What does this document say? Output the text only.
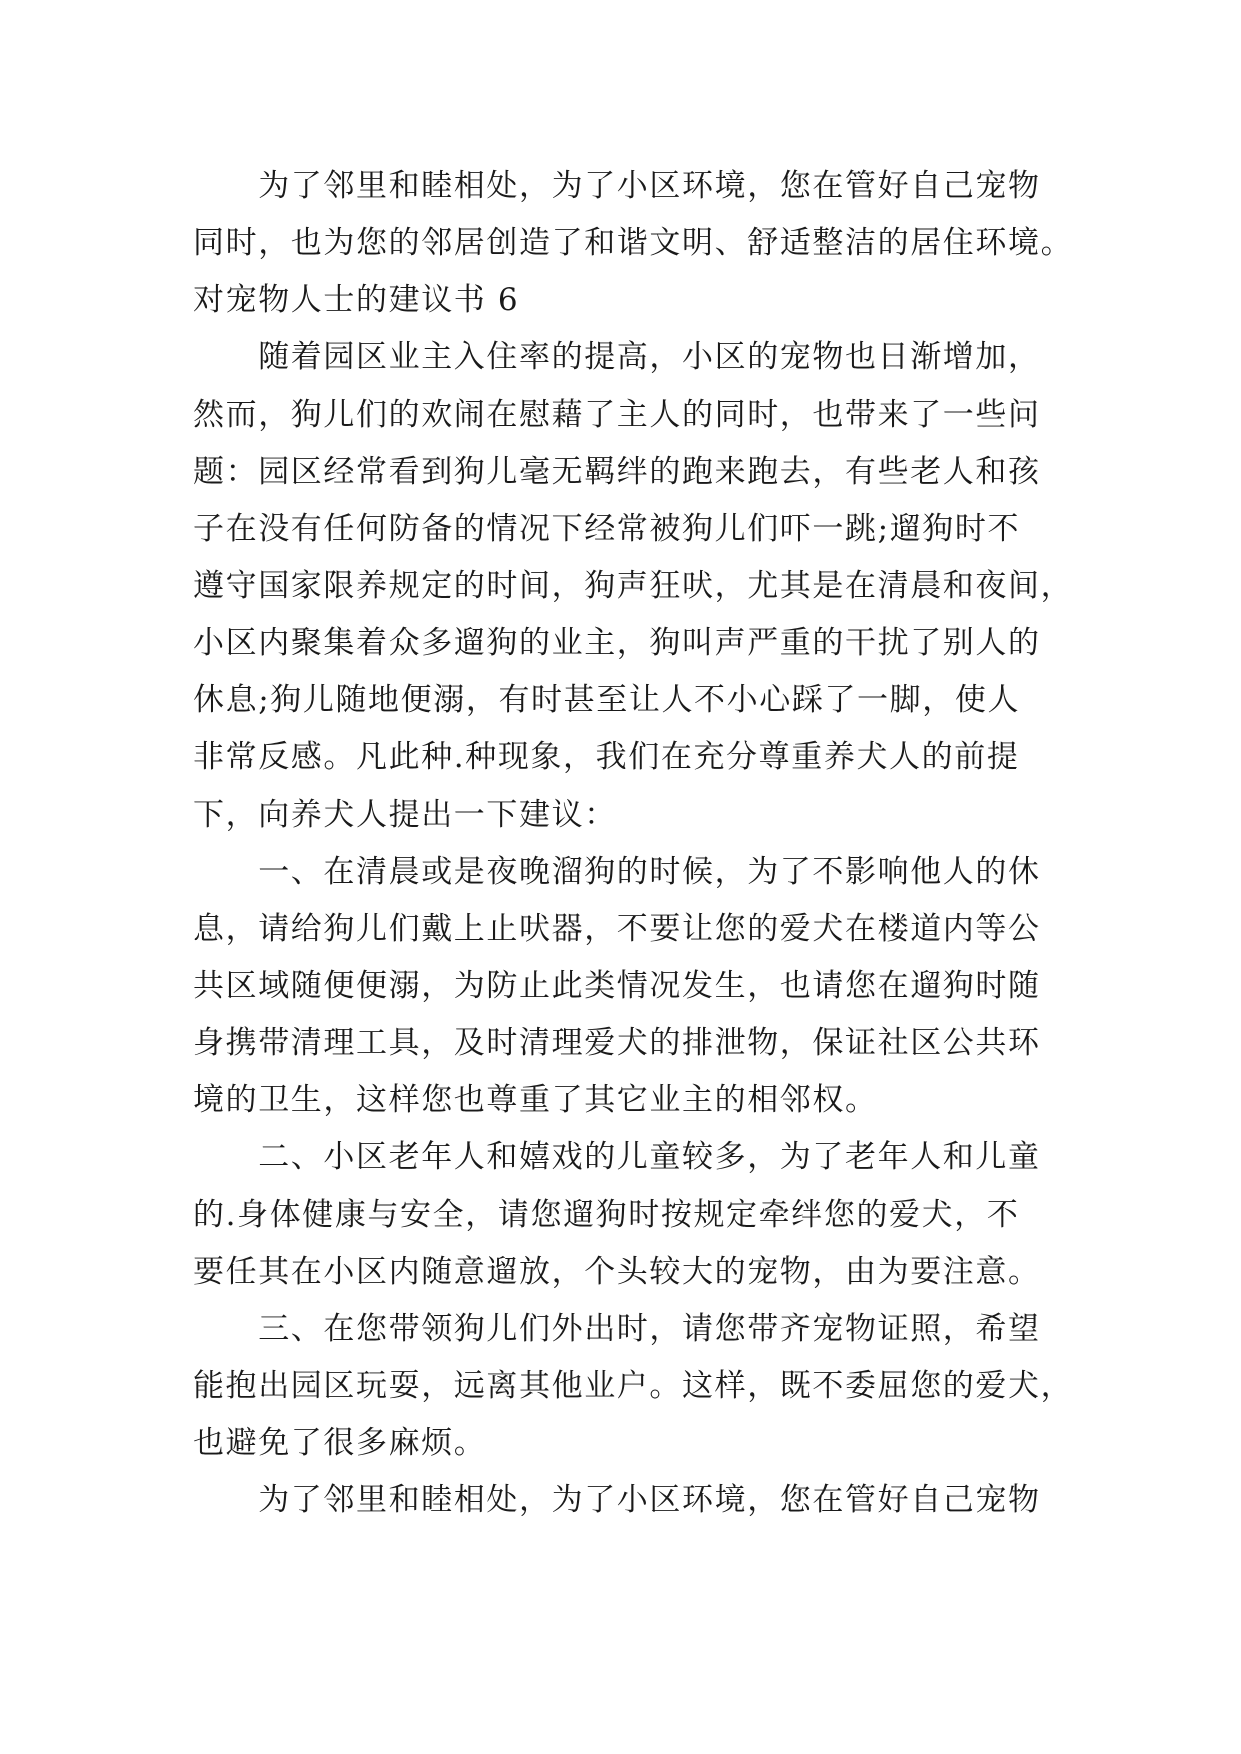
　　为了邻里和睦相处，为了小区环境，您在管好自己宠物
同时，也为您的邻居创造了和谐文明、舒适整洁的居住环境。
对宠物人士的建议书 6
　　随着园区业主入住率的提高，小区的宠物也日渐增加，
然而，狗儿们的欢闹在慰藉了主人的同时，也带来了一些问
题：园区经常看到狗儿毫无羁绊的跑来跑去，有些老人和孩
子在没有任何防备的情况下经常被狗儿们吓一跳;遛狗时不
遵守国家限养规定的时间，狗声狂吠，尤其是在清晨和夜间，
小区内聚集着众多遛狗的业主，狗叫声严重的干扰了别人的
休息;狗儿随地便溺，有时甚至让人不小心踩了一脚，使人
非常反感。凡此种.种现象，我们在充分尊重养犬人的前提
下，向养犬人提出一下建议：
　　一、在清晨或是夜晚溜狗的时候，为了不影响他人的休
息，请给狗儿们戴上止吠器，不要让您的爱犬在楼道内等公
共区域随便便溺，为防止此类情况发生，也请您在遛狗时随
身携带清理工具，及时清理爱犬的排泄物，保证社区公共环
境的卫生，这样您也尊重了其它业主的相邻权。
　　二、小区老年人和嬉戏的儿童较多，为了老年人和儿童
的.身体健康与安全，请您遛狗时按规定牵绊您的爱犬，不
要任其在小区内随意遛放，个头较大的宠物，由为要注意。
　　三、在您带领狗儿们外出时，请您带齐宠物证照，希望
能抱出园区玩耍，远离其他业户。这样，既不委屈您的爱犬，
也避免了很多麻烦。
　　为了邻里和睦相处，为了小区环境，您在管好自己宠物
